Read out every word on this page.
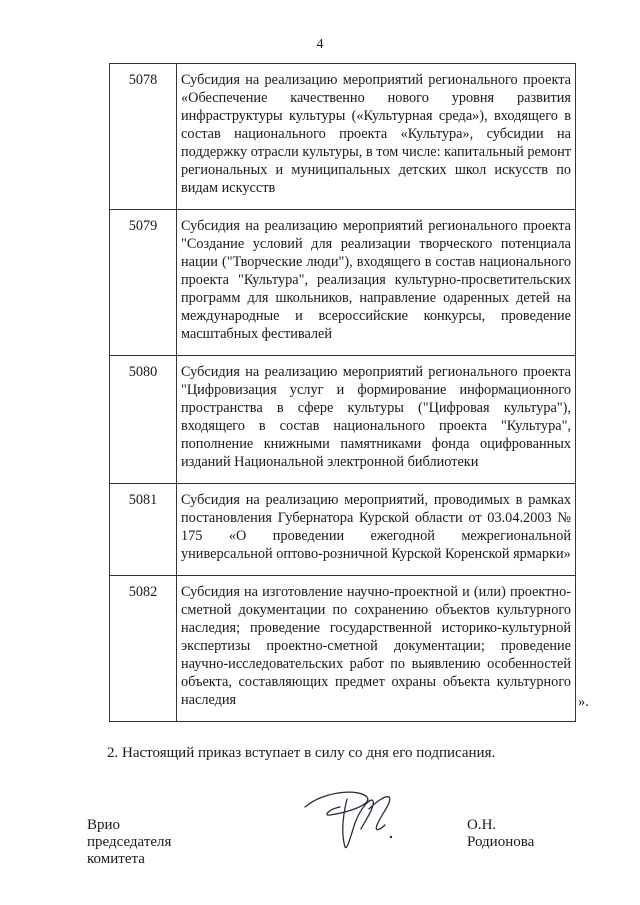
4
5078	Субсидия на реализацию мероприятий регионального проекта «Обеспечение качественно нового уровня развития инфраструктуры культуры («Культурная среда»), входящего в состав национального проекта «Культура», субсидии на поддержку отрасли культуры, в том числе: капитальный ремонт региональных и муниципальных детских школ искусств по видам искусств
5079	Субсидия на реализацию мероприятий регионального проекта "Создание условий для реализации творческого потенциала нации ("Творческие люди"), входящего в состав национального проекта "Культура", реализация культурно-просветительских программ для школьников, направление одаренных детей на международные и всероссийские конкурсы, проведение масштабных фестивалей
5080	Субсидия на реализацию мероприятий регионального проекта "Цифровизация услуг и формирование информационного пространства в сфере культуры ("Цифровая культура"), входящего в состав национального проекта "Культура", пополнение книжными памятниками фонда оцифрованных изданий Национальной электронной библиотеки
5081	Субсидия на реализацию мероприятий, проводимых в рамках постановления Губернатора Курской области от 03.04.2003 № 175 «О проведении ежегодной межрегиональной универсальной оптово-розничной Курской Коренской ярмарки»
5082	Субсидия на изготовление научно-проектной и (или) проектно-сметной документации по сохранению объектов культурного наследия; проведение государственной историко-культурной экспертизы проектно-сметной документации; проведение научно-исследовательских работ по выявлению особенностей объекта, составляющих предмет охраны объекта культурного наследия	».
2. Настоящий приказ вступает в силу со дня его подписания.
Врио председателя комитета
О.Н. Родионова
